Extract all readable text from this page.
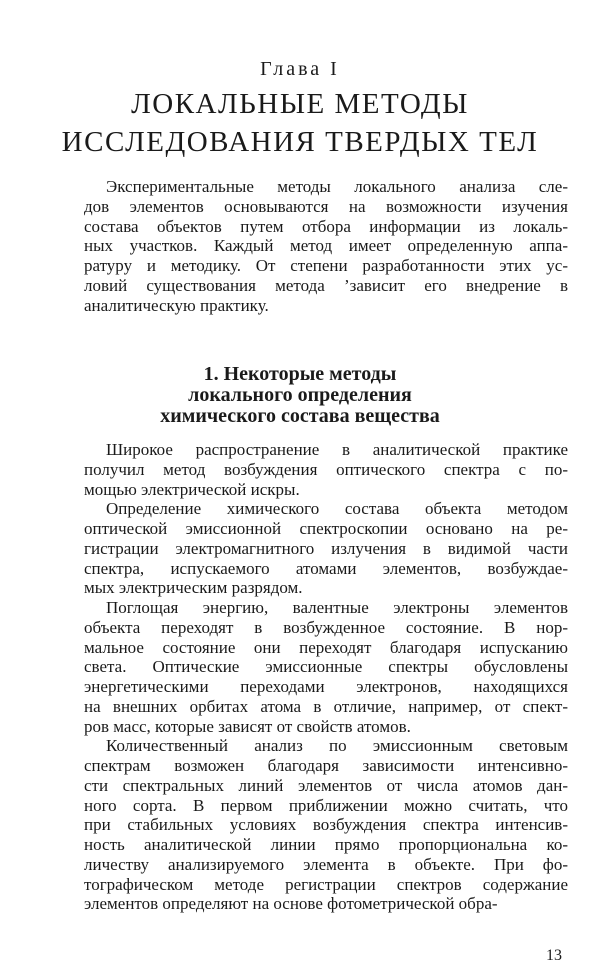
Глава I
ЛОКАЛЬНЫЕ МЕТОДЫ
ИССЛЕДОВАНИЯ ТВЕРДЫХ ТЕЛ
Экспериментальные методы локального анализа сле-
дов элементов основываются на возможности изучения
состава объектов путем отбора информации из локаль-
ных участков. Каждый метод имеет определенную аппа-
ратуру и методику. От степени разработанности этих ус-
ловий существования метода ’зависит его внедрение в
аналитическую практику.
1. Некоторые методы
локального определения
химического состава вещества
Широкое распространение в аналитической практике
получил метод возбуждения оптического спектра с по-
мощью электрической искры.
Определение химического состава объекта методом
оптической эмиссионной спектроскопии основано на ре-
гистрации электромагнитного излучения в видимой части
спектра, испускаемого атомами элементов, возбуждае-
мых электрическим разрядом.
Поглощая энергию, валентные электроны элементов
объекта переходят в возбужденное состояние. В нор-
мальное состояние они переходят благодаря испусканию
света. Оптические эмиссионные спектры обусловлены
энергетическими переходами электронов, находящихся
на внешних орбитах атома в отличие, например, от спект-
ров масс, которые зависят от свойств атомов.
Количественный анализ по эмиссионным световым
спектрам возможен благодаря зависимости интенсивно-
сти спектральных линий элементов от числа атомов дан-
ного сорта. В первом приближении можно считать, что
при стабильных условиях возбуждения спектра интенсив-
ность аналитической линии прямо пропорциональна ко-
личеству анализируемого элемента в объекте. При фо-
тографическом методе регистрации спектров содержание
элементов определяют на основе фотометрической обра-
13
